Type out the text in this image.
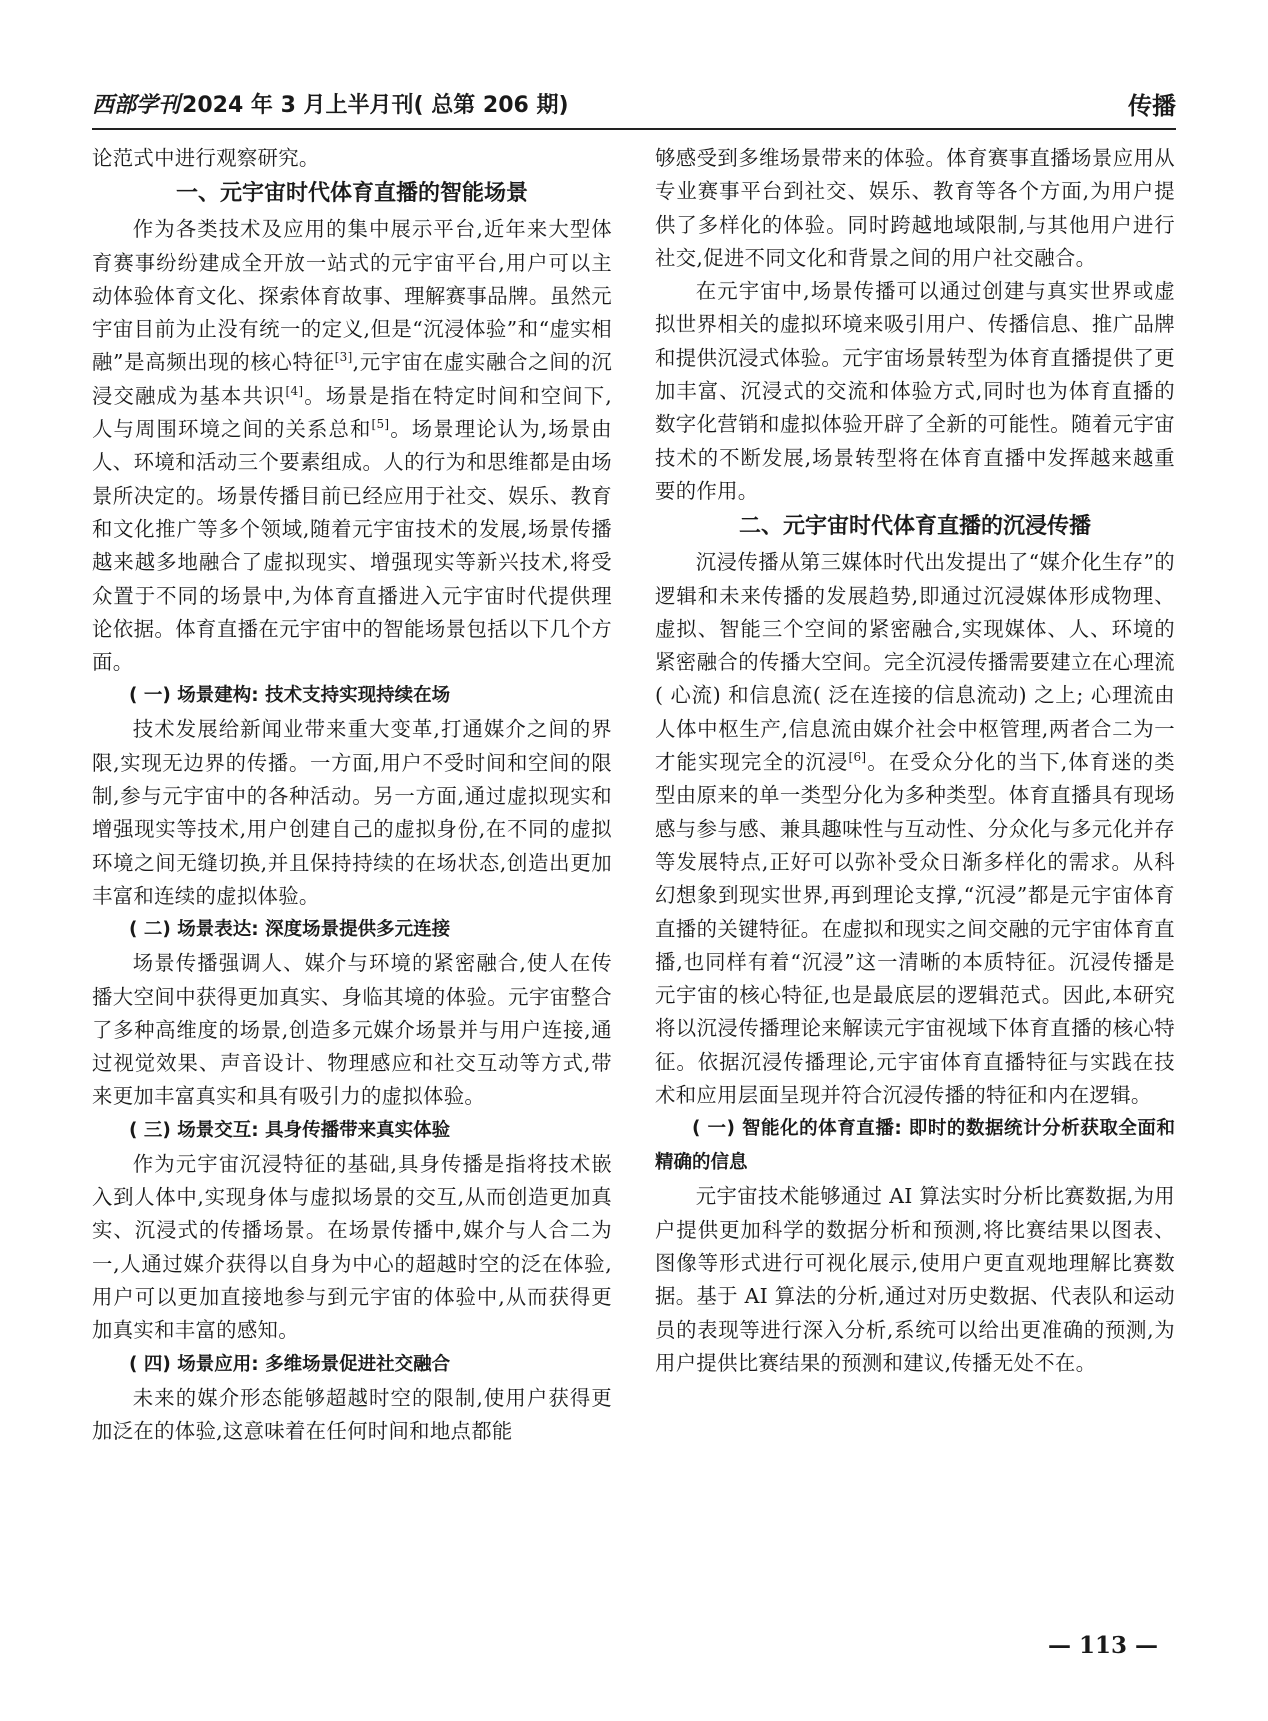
西部学刊2024 年 3 月上半月刊( 总第 206 期)	传播

论范式中进行观察研究。

一、元宇宙时代体育直播的智能场景

作为各类技术及应用的集中展示平台,近年来大型体育赛事纷纷建成全开放一站式的元宇宙平台,用户可以主动体验体育文化、探索体育故事、理解赛事品牌。虽然元宇宙目前为止没有统一的定义,但是“沉浸体验”和“虚实相融”是高频出现的核心特征[3],元宇宙在虚实融合之间的沉浸交融成为基本共识[4]。场景是指在特定时间和空间下,人与周围环境之间的关系总和[5]。场景理论认为,场景由人、环境和活动三个要素组成。人的行为和思维都是由场景所决定的。场景传播目前已经应用于社交、娱乐、教育和文化推广等多个领域,随着元宇宙技术的发展,场景传播越来越多地融合了虚拟现实、增强现实等新兴技术,将受众置于不同的场景中,为体育直播进入元宇宙时代提供理论依据。体育直播在元宇宙中的智能场景包括以下几个方面。

( 一) 场景建构: 技术支持实现持续在场

技术发展给新闻业带来重大变革,打通媒介之间的界限,实现无边界的传播。一方面,用户不受时间和空间的限制,参与元宇宙中的各种活动。另一方面,通过虚拟现实和增强现实等技术,用户创建自己的虚拟身份,在不同的虚拟环境之间无缝切换,并且保持持续的在场状态,创造出更加丰富和连续的虚拟体验。

( 二) 场景表达: 深度场景提供多元连接

场景传播强调人、媒介与环境的紧密融合,使人在传播大空间中获得更加真实、身临其境的体验。元宇宙整合了多种高维度的场景,创造多元媒介场景并与用户连接,通过视觉效果、声音设计、物理感应和社交互动等方式,带来更加丰富真实和具有吸引力的虚拟体验。

( 三) 场景交互: 具身传播带来真实体验

作为元宇宙沉浸特征的基础,具身传播是指将技术嵌入到人体中,实现身体与虚拟场景的交互,从而创造更加真实、沉浸式的传播场景。在场景传播中,媒介与人合二为一,人通过媒介获得以自身为中心的超越时空的泛在体验,用户可以更加直接地参与到元宇宙的体验中,从而获得更加真实和丰富的感知。

( 四) 场景应用: 多维场景促进社交融合

未来的媒介形态能够超越时空的限制,使用户获得更加泛在的体验,这意味着在任何时间和地点都能

够感受到多维场景带来的体验。体育赛事直播场景应用从专业赛事平台到社交、娱乐、教育等各个方面,为用户提供了多样化的体验。同时跨越地域限制,与其他用户进行社交,促进不同文化和背景之间的用户社交融合。

在元宇宙中,场景传播可以通过创建与真实世界或虚拟世界相关的虚拟环境来吸引用户、传播信息、推广品牌和提供沉浸式体验。元宇宙场景转型为体育直播提供了更加丰富、沉浸式的交流和体验方式,同时也为体育直播的数字化营销和虚拟体验开辟了全新的可能性。随着元宇宙技术的不断发展,场景转型将在体育直播中发挥越来越重要的作用。

二、元宇宙时代体育直播的沉浸传播

沉浸传播从第三媒体时代出发提出了“媒介化生存”的逻辑和未来传播的发展趋势,即通过沉浸媒体形成物理、虚拟、智能三个空间的紧密融合,实现媒体、人、环境的紧密融合的传播大空间。完全沉浸传播需要建立在心理流( 心流) 和信息流( 泛在连接的信息流动) 之上; 心理流由人体中枢生产,信息流由媒介社会中枢管理,两者合二为一才能实现完全的沉浸[6]。在受众分化的当下,体育迷的类型由原来的单一类型分化为多种类型。体育直播具有现场感与参与感、兼具趣味性与互动性、分众化与多元化并存等发展特点,正好可以弥补受众日渐多样化的需求。从科幻想象到现实世界,再到理论支撑,“沉浸”都是元宇宙体育直播的关键特征。在虚拟和现实之间交融的元宇宙体育直播,也同样有着“沉浸”这一清晰的本质特征。沉浸传播是元宇宙的核心特征,也是最底层的逻辑范式。因此,本研究将以沉浸传播理论来解读元宇宙视域下体育直播的核心特征。依据沉浸传播理论,元宇宙体育直播特征与实践在技术和应用层面呈现并符合沉浸传播的特征和内在逻辑。

( 一) 智能化的体育直播: 即时的数据统计分析获取全面和精确的信息

元宇宙技术能够通过 AI 算法实时分析比赛数据,为用户提供更加科学的数据分析和预测,将比赛结果以图表、图像等形式进行可视化展示,使用户更直观地理解比赛数据。基于 AI 算法的分析,通过对历史数据、代表队和运动员的表现等进行深入分析,系统可以给出更准确的预测,为用户提供比赛结果的预测和建议,传播无处不在。

— 113 —
